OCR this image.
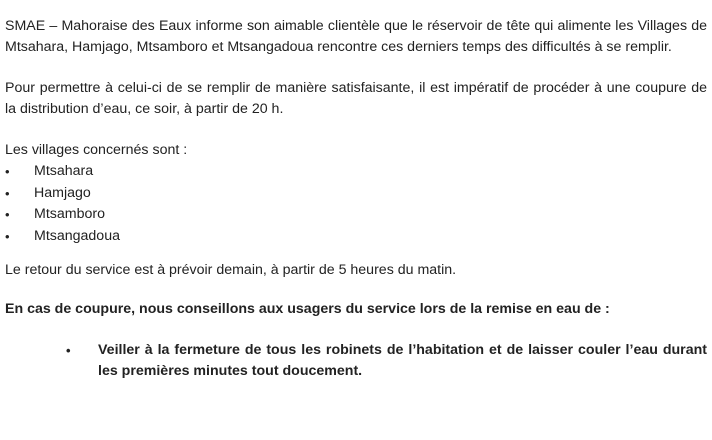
SMAE – Mahoraise des Eaux informe son aimable clientèle que le réservoir de tête qui alimente les Villages de Mtsahara, Hamjago, Mtsamboro et Mtsangadoua rencontre ces derniers temps des difficultés à se remplir.

Pour permettre à celui-ci de se remplir de manière satisfaisante, il est impératif de procéder à une coupure de la distribution d’eau, ce soir, à partir de 20 h.

Les villages concernés sont :

•	Mtsahara
•	Hamjago
•	Mtsamboro
•	Mtsangadoua

Le retour du service est à prévoir demain, à partir de 5 heures du matin.

En cas de coupure, nous conseillons aux usagers du service lors de la remise en eau de :

•	Veiller à la fermeture de tous les robinets de l’habitation et de laisser couler l’eau durant les premières minutes tout doucement.
